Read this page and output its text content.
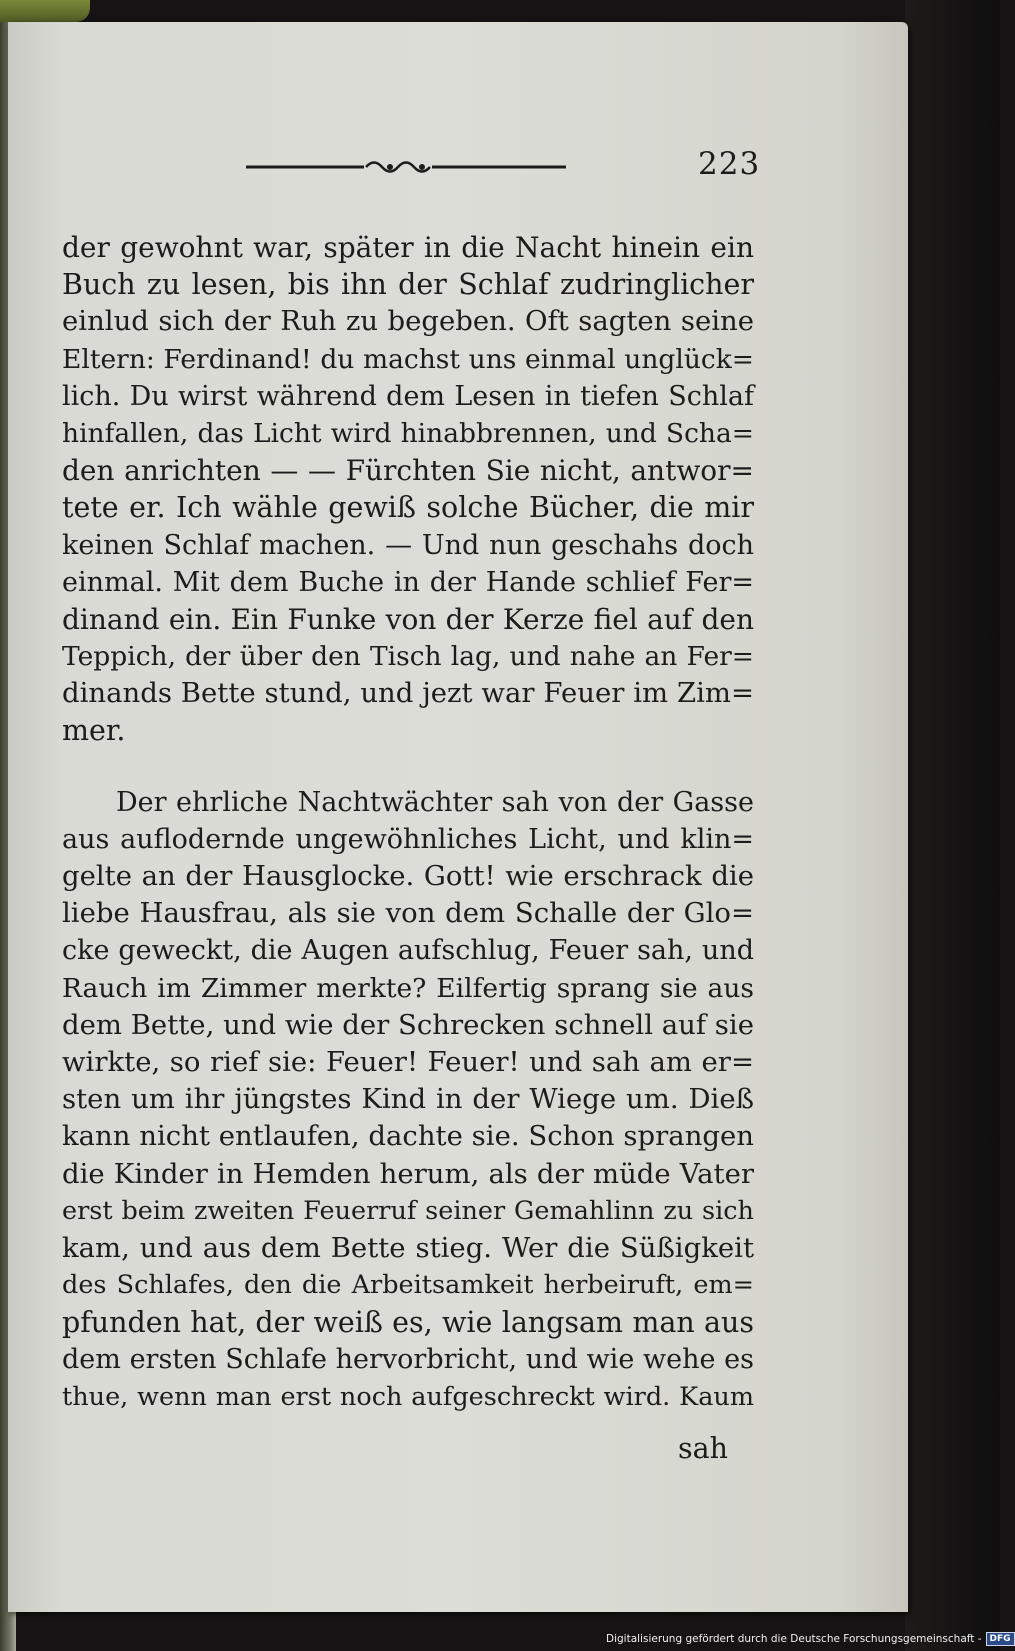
223
der gewohnt war, später in die Nacht hinein ein
Buch zu lesen, bis ihn der Schlaf zudringlicher
einlud sich der Ruh zu begeben. Oft sagten seine
Eltern: Ferdinand! du machst uns einmal unglück=
lich. Du wirst während dem Lesen in tiefen Schlaf
hinfallen, das Licht wird hinabbrennen, und Scha=
den anrichten — — Fürchten Sie nicht, antwor=
tete er. Ich wähle gewiß solche Bücher, die mir
keinen Schlaf machen. — Und nun geschahs doch
einmal. Mit dem Buche in der Hande schlief Fer=
dinand ein. Ein Funke von der Kerze fiel auf den
Teppich, der über den Tisch lag, und nahe an Fer=
dinands Bette stund, und jezt war Feuer im Zim=
mer.
Der ehrliche Nachtwächter sah von der Gasse
aus auflodernde ungewöhnliches Licht, und klin=
gelte an der Hausglocke. Gott! wie erschrack die
liebe Hausfrau, als sie von dem Schalle der Glo=
cke geweckt, die Augen aufschlug, Feuer sah, und
Rauch im Zimmer merkte? Eilfertig sprang sie aus
dem Bette, und wie der Schrecken schnell auf sie
wirkte, so rief sie: Feuer! Feuer! und sah am er=
sten um ihr jüngstes Kind in der Wiege um. Dieß
kann nicht entlaufen, dachte sie. Schon sprangen
die Kinder in Hemden herum, als der müde Vater
erst beim zweiten Feuerruf seiner Gemahlinn zu sich
kam, und aus dem Bette stieg. Wer die Süßigkeit
des Schlafes, den die Arbeitsamkeit herbeiruft, em=
pfunden hat, der weiß es, wie langsam man aus
dem ersten Schlafe hervorbricht, und wie wehe es
thue, wenn man erst noch aufgeschreckt wird. Kaum
sah
Digitalisierung gefördert durch die Deutsche Forschungsgemeinschaft - DFG
